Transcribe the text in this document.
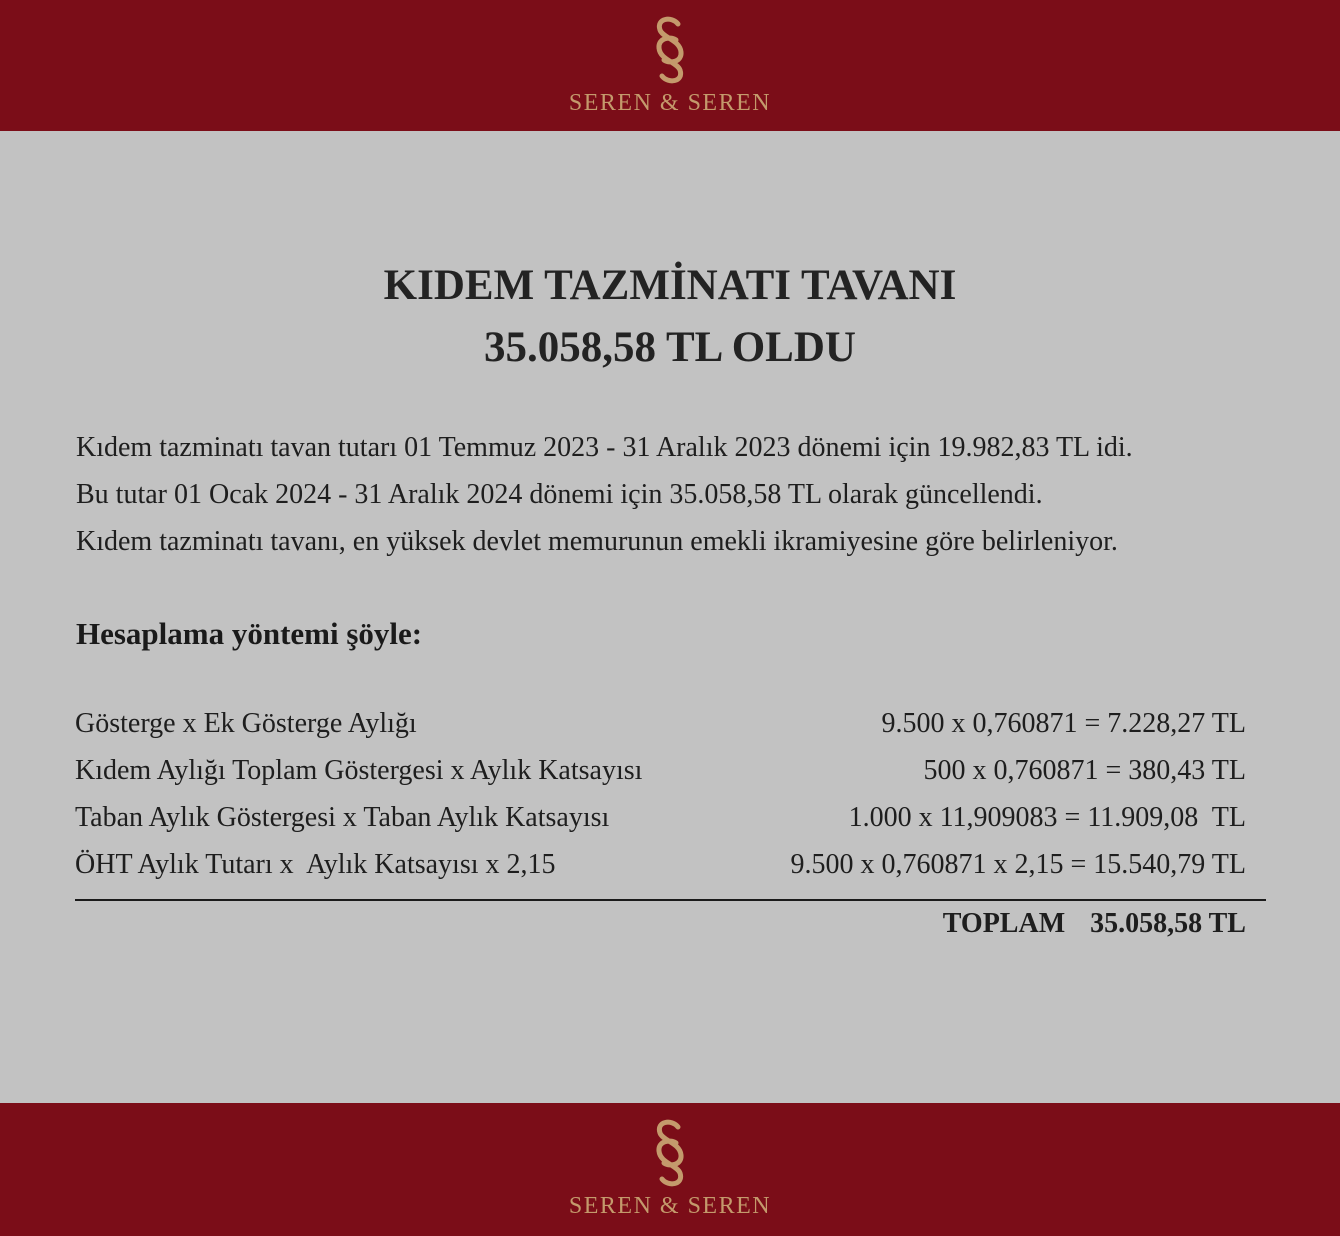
SEREN & SEREN
KIDEM TAZMİNATI TAVANI
35.058,58 TL OLDU

Kıdem tazminatı tavan tutarı 01 Temmuz 2023 - 31 Aralık 2023 dönemi için 19.982,83 TL idi.

Bu tutar 01 Ocak 2024 - 31 Aralık 2024 dönemi için 35.058,58 TL olarak güncellendi.

Kıdem tazminatı tavanı, en yüksek devlet memurunun emekli ikramiyesine göre belirleniyor.

Hesaplama yöntemi şöyle:
Gösterge x Ek Gösterge Aylığı	9.500 x 0,760871 = 7.228,27 TL
Kıdem Aylığı Toplam Göstergesi x Aylık Katsayısı	500 x 0,760871 = 380,43 TL
Taban Aylık Göstergesi x Taban Aylık Katsayısı	1.000 x 11,909083 = 11.909,08  TL
ÖHT Aylık Tutarı x  Aylık Katsayısı x 2,15	9.500 x 0,760871 x 2,15 = 15.540,79 TL
TOPLAM 35.058,58 TL
SEREN & SEREN
